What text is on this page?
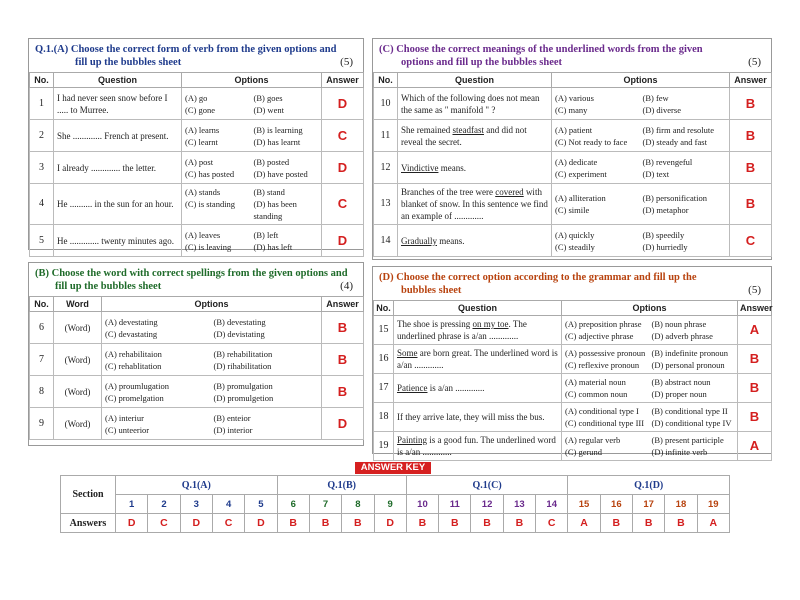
Q.1.(A) Choose the correct form of verb from the given options and
fill up the bubbles sheet	(5)
No.	Question	Options	Answer
1	I had never seen snow before I ..... to Murree.	(A) go (B) goes
(C) gone (D) went	D
2	She ............. French at present.	(A) learns (B) is learning
(C) learnt (D) has learnt	C
3	I already ............. the letter.	(A) post (B) posted
(C) has posted (D) have posted	D
4	He .......... in the sun for an hour.	(A) stands (B) stand
(C) is standing (D) has been standing	C
5	He ............. twenty minutes ago.	(A) leaves (B) left
(C) is leaving (D) has left	D
(B) Choose the word with correct spellings from the given options and
fill up the bubbles sheet	(4)
No.	Word	Options	Answer
6	(Word)	(A) devestating (B) devestating
(C) devastating (D) devistating	B
7	(Word)	(A) rehabilitaion (B) rehabilitation
(C) rehablitation (D) rihabilitation	B
8	(Word)	(A) proumlugation (B) promulgation
(C) promelgation (D) promulgetion	B
9	(Word)	(A) interiur (B) enteior
(C) unteerior (D) interior	D
(C) Choose the correct meanings of the underlined words from the given
options and fill up the bubbles sheet	(5)
No.	Question	Options	Answer
10	Which of the following does not mean the same as " manifold " ?	(A) various (B) few
(C) many (D) diverse	B
11	She remained steadfast and did not reveal the secret.	(A) patient (B) firm and resolute
(C) Not ready to face (D) steady and fast	B
12	Vindictive means.	(A) dedicate (B) revengeful
(C) experiment (D) text	B
13	Branches of the tree were covered with blanket of snow. In this sentence we find an example of .............	(A) alliteration (B) personification
(C) simile (D) metaphor	B
14	Gradually means.	(A) quickly (B) speedily
(C) steadily (D) hurriedly	C
(D) Choose the correct option according to the grammar and fill up the
bubbles sheet	(5)
No.	Question	Options	Answer
15	The shoe is pressing on my toe. The underlined phrase is a/an .............	(A) preposition phrase (B) noun phrase
(C) adjective phrase (D) adverb phrase	A
16	Some are born great. The underlined word is a/an .............	(A) possessive pronoun (B) indefinite pronoun
(C) reflexive pronoun (D) personal pronoun	B
17	Patience is a/an .............	(A) material noun (B) abstract noun
(C) common noun (D) proper noun	B
18	If they arrive late, they will miss the bus.	(A) conditional type I (B) conditional type II
(C) conditional type III (D) conditional type IV	B
19	Painting is a good fun. The underlined word is a/an .............	(A) regular verb (B) present participle
(C) gerund (D) infinite verb	A
ANSWER KEY
Section	Q.1(A)					Q.1(B)				Q.1(C)					Q.1(D)				
	1	2	3	4	5	6	7	8	9	10	11	12	13	14	15	16	17	18	19
Answers	D	C	D	C	D	B	B	B	D	B	B	B	B	C	A	B	B	B	A
